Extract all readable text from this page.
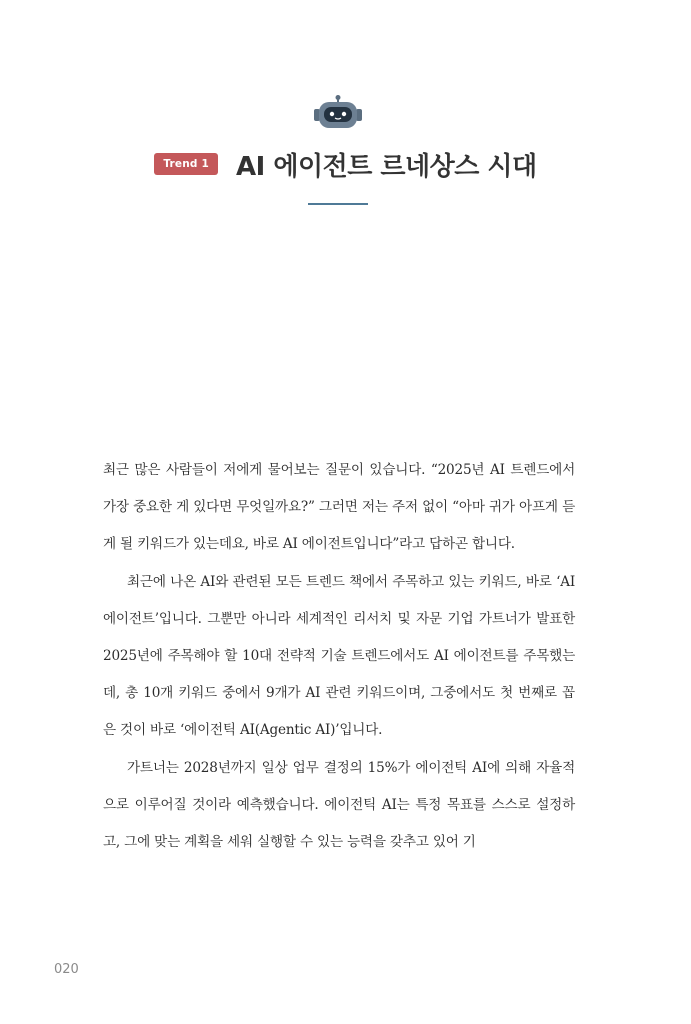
Trend 1	AI 에이전트 르네상스 시대

최근 많은 사람들이 저에게 물어보는 질문이 있습니다. “2025년 AI 트렌드에서 가장 중요한 게 있다면 무엇일까요?” 그러면 저는 주저 없이 “아마 귀가 아프게 듣게 될 키워드가 있는데요, 바로 AI 에이전트입니다”라고 답하곤 합니다.

최근에 나온 AI와 관련된 모든 트렌드 책에서 주목하고 있는 키워드, 바로 ‘AI 에이전트’입니다. 그뿐만 아니라 세계적인 리서치 및 자문 기업 가트너가 발표한 2025년에 주목해야 할 10대 전략적 기술 트렌드에서도 AI 에이전트를 주목했는데, 총 10개 키워드 중에서 9개가 AI 관련 키워드이며, 그중에서도 첫 번째로 꼽은 것이 바로 ‘에이전틱 AI(Agentic AI)’입니다.

가트너는 2028년까지 일상 업무 결정의 15%가 에이전틱 AI에 의해 자율적으로 이루어질 것이라 예측했습니다. 에이전틱 AI는 특정 목표를 스스로 설정하고, 그에 맞는 계획을 세워 실행할 수 있는 능력을 갖추고 있어 기

020
